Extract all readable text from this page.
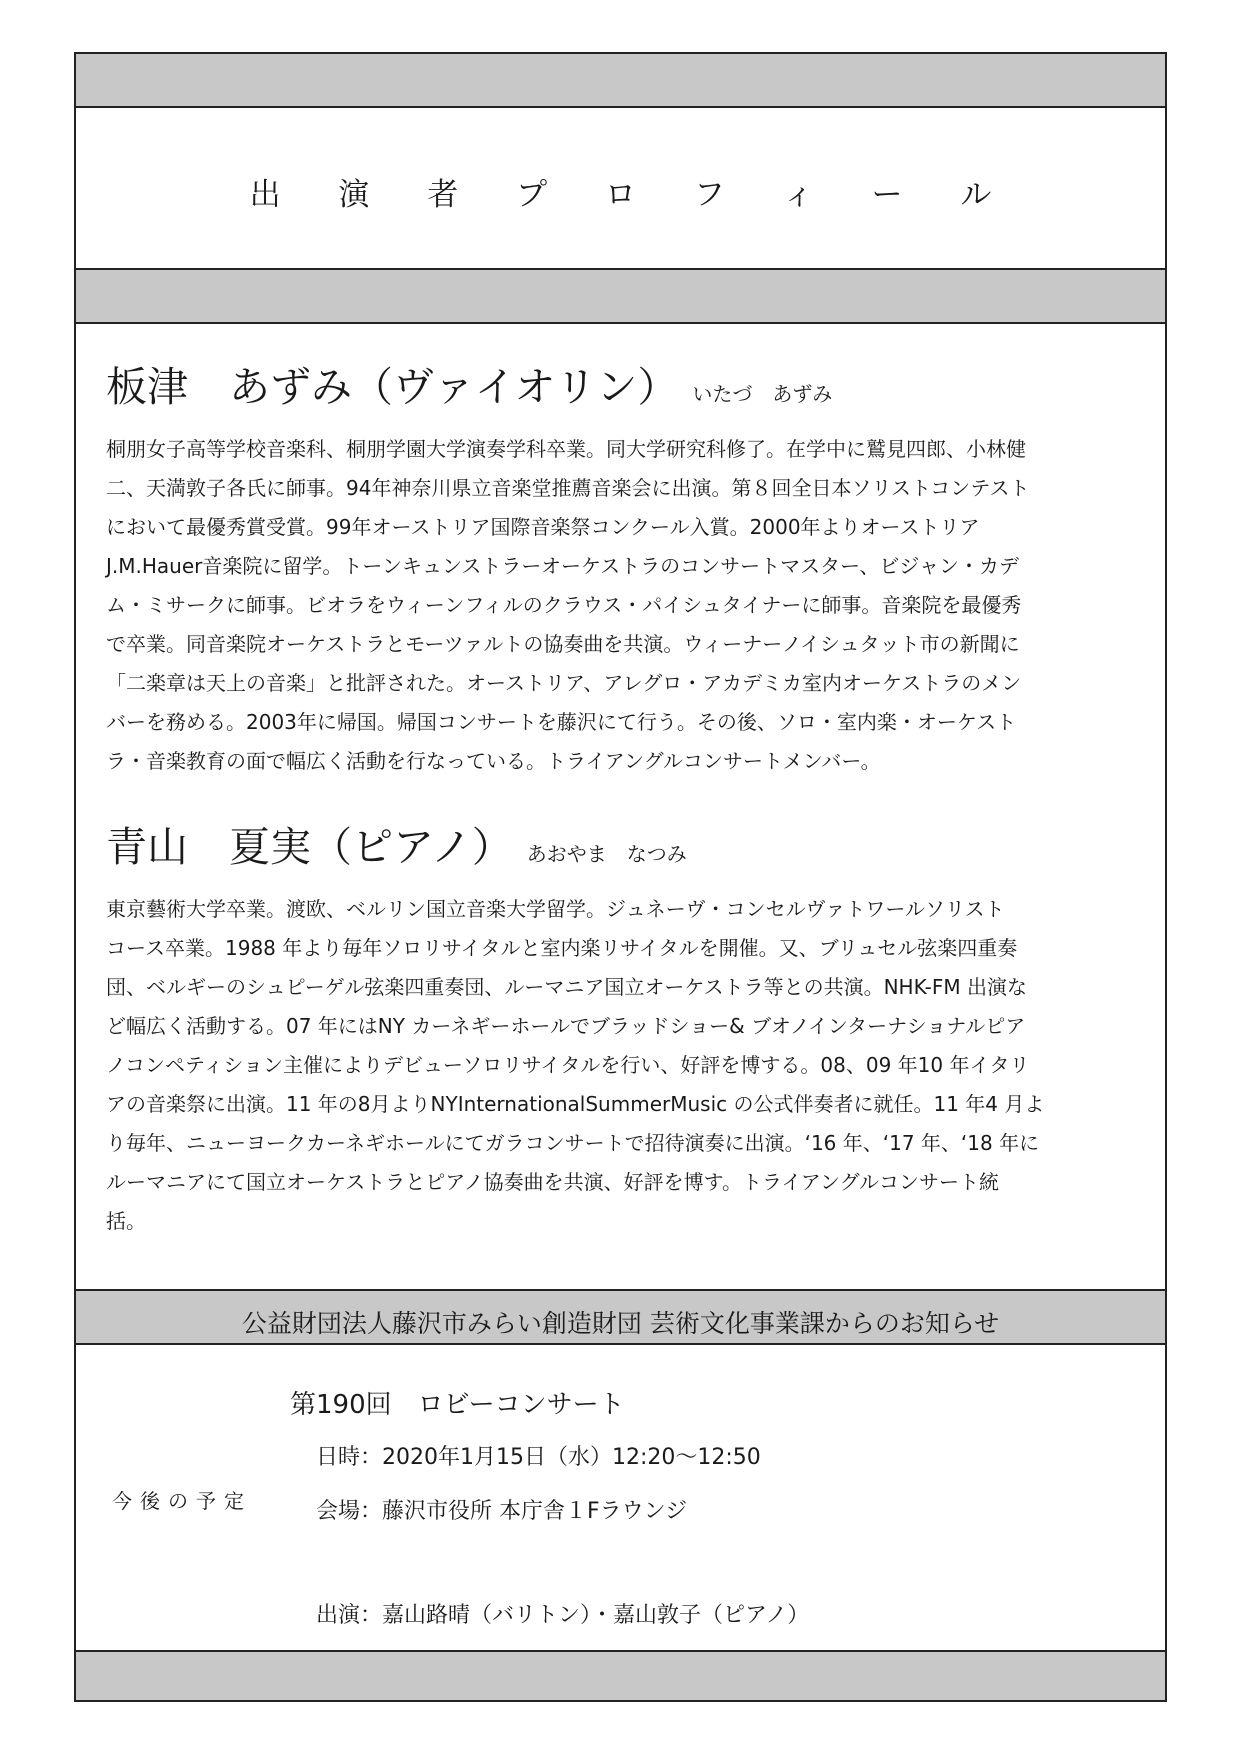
出 演 者 プ ロ フ ィ ー ル
板津　あずみ（ヴァイオリン） いたづ　あずみ
桐朋女子高等学校音楽科、桐朋学園大学演奏学科卒業。同大学研究科修了。在学中に鷲見四郎、小林健
二、天満敦子各氏に師事。94年神奈川県立音楽堂推薦音楽会に出演。第８回全日本ソリストコンテスト
において最優秀賞受賞。99年オーストリア国際音楽祭コンクール入賞。2000年よりオーストリア
J.M.Hauer音楽院に留学。トーンキュンストラーオーケストラのコンサートマスター、ビジャン・カデ
ム・ミサークに師事。ビオラをウィーンフィルのクラウス・パイシュタイナーに師事。音楽院を最優秀
で卒業。同音楽院オーケストラとモーツァルトの協奏曲を共演。ウィーナーノイシュタット市の新聞に
「二楽章は天上の音楽」と批評された。オーストリア、アレグロ・アカデミカ室内オーケストラのメン
バーを務める。2003年に帰国。帰国コンサートを藤沢にて行う。その後、ソロ・室内楽・オーケスト
ラ・音楽教育の面で幅広く活動を行なっている。トライアングルコンサートメンバー。
青山　夏実（ピアノ） あおやま　なつみ
東京藝術大学卒業。渡欧、ベルリン国立音楽大学留学。ジュネーヴ・コンセルヴァトワールソリスト
コース卒業。1988 年より毎年ソロリサイタルと室内楽リサイタルを開催。又、ブリュセル弦楽四重奏
団、ベルギーのシュピーゲル弦楽四重奏団、ルーマニア国立オーケストラ等との共演。NHK-FM 出演な
ど幅広く活動する。07 年にはNY カーネギーホールでブラッドショー& ブオノインターナショナルピア
ノコンペティション主催によりデビューソロリサイタルを行い、好評を博する。08、09 年10 年イタリ
アの音楽祭に出演。11 年の8月よりNYInternationalSummerMusic の公式伴奏者に就任。11 年4 月よ
り毎年、ニューヨークカーネギホールにてガラコンサートで招待演奏に出演。‘16 年、‘17 年、‘18 年に
ルーマニアにて国立オーケストラとピアノ協奏曲を共演、好評を博す。トライアングルコンサート統
括。
公益財団法人藤沢市みらい創造財団 芸術文化事業課からのお知らせ
今後の予定
第190回　ロビーコンサート
日時：2020年1月15日（水）12:20〜12:50
会場：藤沢市役所 本庁舎１Fラウンジ
出演：嘉山路晴（バリトン）・嘉山敦子（ピアノ）
